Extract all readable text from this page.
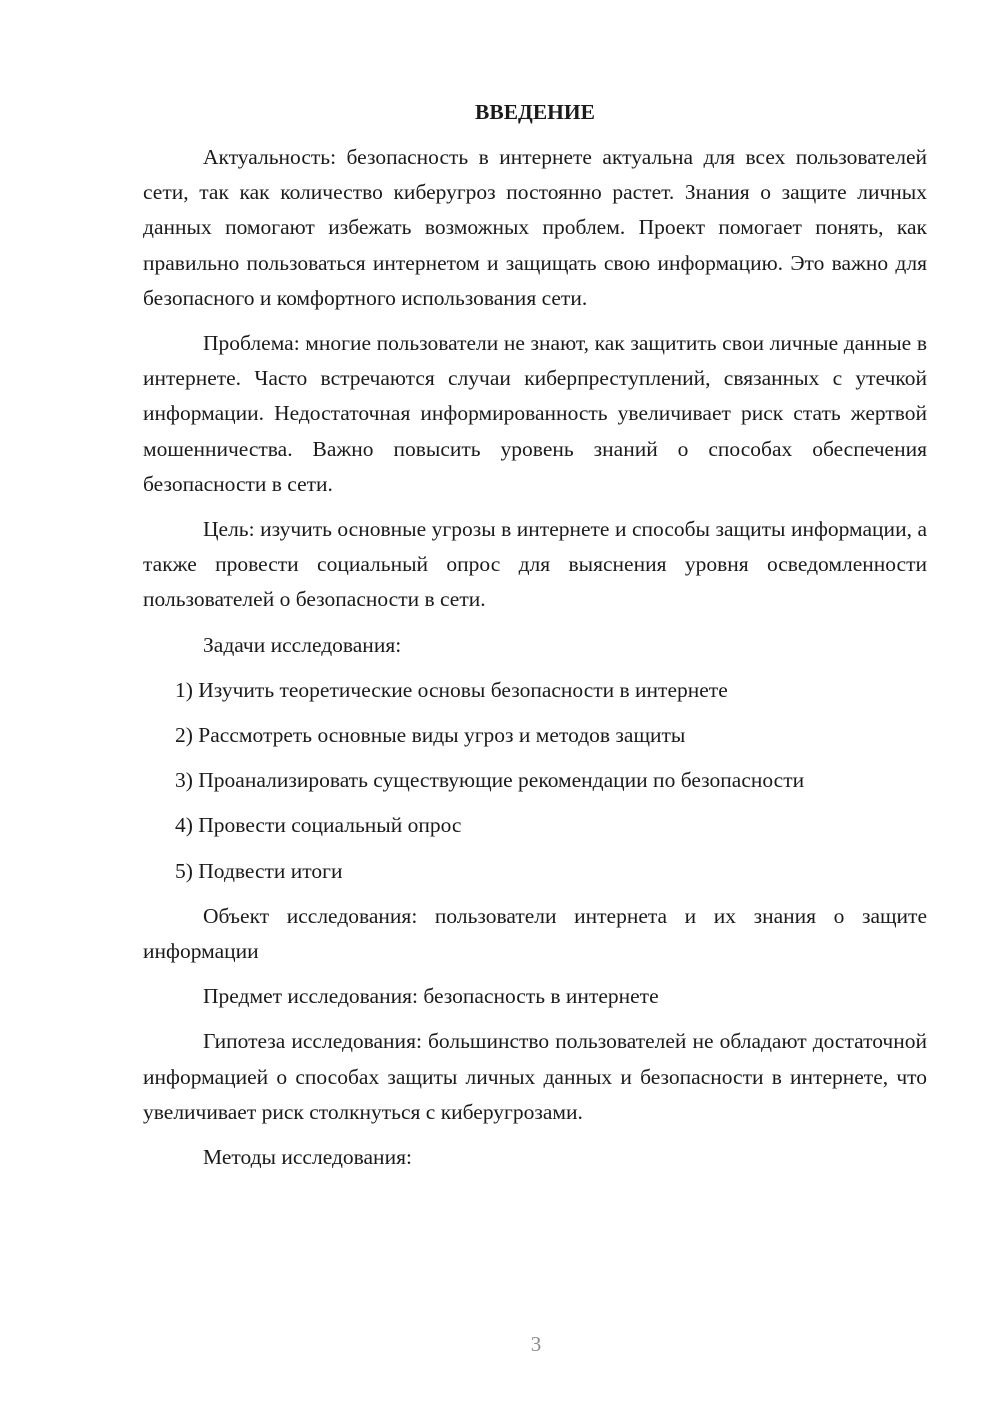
ВВЕДЕНИЕ

Актуальность: безопасность в интернете актуальна для всех пользователей сети, так как количество киберугроз постоянно растет. Знания о защите личных данных помогают избежать возможных проблем. Проект помогает понять, как правильно пользоваться интернетом и защищать свою информацию. Это важно для безопасного и комфортного использования сети.

Проблема: многие пользователи не знают, как защитить свои личные данные в интернете. Часто встречаются случаи киберпреступлений, связанных с утечкой информации. Недостаточная информированность увеличивает риск стать жертвой мошенничества. Важно повысить уровень знаний о способах обеспечения безопасности в сети.

Цель: изучить основные угрозы в интернете и способы защиты информации, а также провести социальный опрос для выяснения уровня осведомленности пользователей о безопасности в сети.

Задачи исследования:

1) Изучить теоретические основы безопасности в интернете
2) Рассмотреть основные виды угроз и методов защиты
3) Проанализировать существующие рекомендации по безопасности
4) Провести социальный опрос
5) Подвести итоги

Объект исследования: пользователи интернета и их знания о защите информации

Предмет исследования: безопасность в интернете

Гипотеза исследования: большинство пользователей не обладают достаточной информацией о способах защиты личных данных и безопасности в интернете, что увеличивает риск столкнуться с киберугрозами.

Методы исследования:

3
